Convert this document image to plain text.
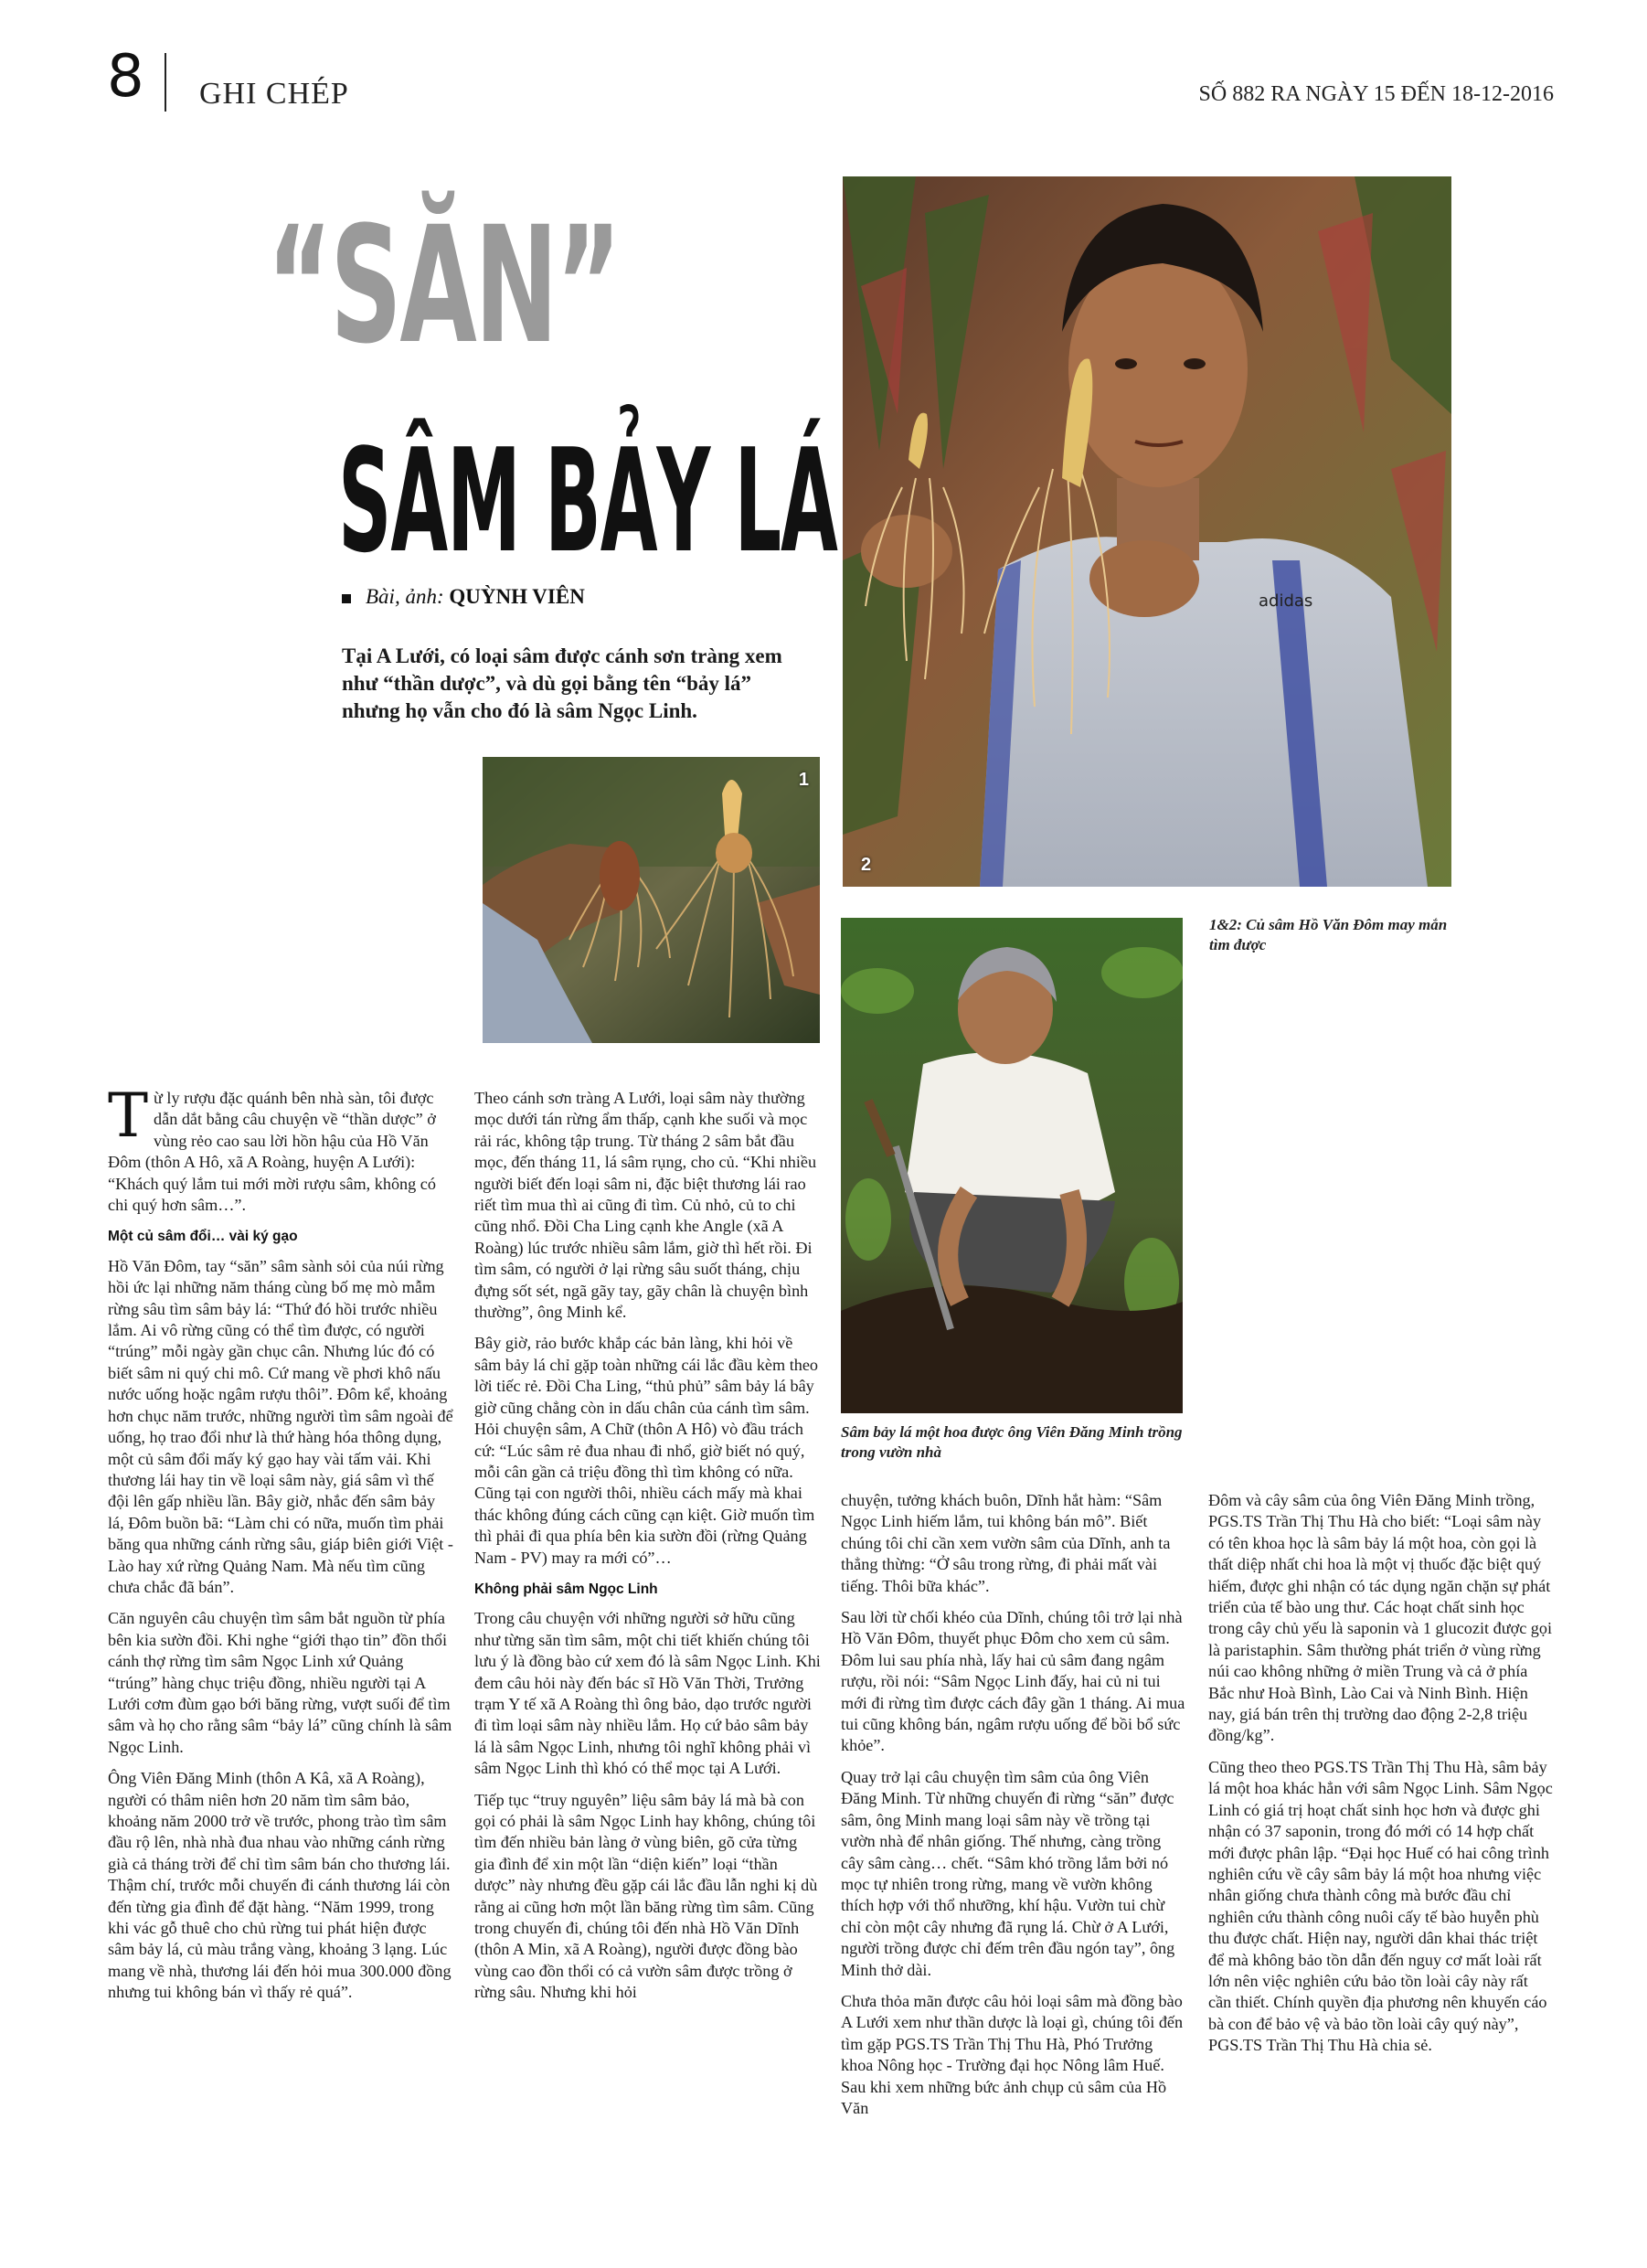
8 GHI CHÉP	SỐ 882 RA NGÀY 15 ĐẾN 18-12-2016
“SĂN”
SÂM BẢY LÁ
Bài, ảnh: QUỲNH VIÊN
Tại A Lưới, có loại sâm được cánh sơn tràng xem như “thần dược”, và dù gọi bằng tên “bảy lá” nhưng họ vẫn cho đó là sâm Ngọc Linh.
1
adidas
2
1&2: Củ sâm Hồ Văn Đôm may mắn tìm được
Sâm bảy lá một hoa được ông Viên Đăng Minh trồng trong vườn nhà

Từ ly rượu đặc quánh bên nhà sàn, tôi được dẫn dắt bằng câu chuyện về “thần dược” ở vùng rẻo cao sau lời hồn hậu của Hồ Văn Đôm (thôn A Hô, xã A Roàng, huyện A Lưới): “Khách quý lắm tui mới mời rượu sâm, không có chi quý hơn sâm…”.

Một củ sâm đổi… vài ký gạo

Hồ Văn Đôm, tay “săn” sâm sành sỏi của núi rừng hồi ức lại những năm tháng cùng bố mẹ mò mẫm rừng sâu tìm sâm bảy lá: “Thứ đó hồi trước nhiều lắm. Ai vô rừng cũng có thể tìm được, có người “trúng” mỗi ngày gần chục cân. Nhưng lúc đó có biết sâm ni quý chi mô. Cứ mang về phơi khô nấu nước uống hoặc ngâm rượu thôi”. Đôm kể, khoảng hơn chục năm trước, những người tìm sâm ngoài để uống, họ trao đổi như là thứ hàng hóa thông dụng, một củ sâm đổi mấy ký gạo hay vài tấm vải. Khi thương lái hay tin về loại sâm này, giá sâm vì thế đội lên gấp nhiều lần. Bây giờ, nhắc đến sâm bảy lá, Đôm buồn bã: “Làm chi có nữa, muốn tìm phải băng qua những cánh rừng sâu, giáp biên giới Việt - Lào hay xứ rừng Quảng Nam. Mà nếu tìm cũng chưa chắc đã bán”.

Căn nguyên câu chuyện tìm sâm bắt nguồn từ phía bên kia sườn đồi. Khi nghe “giới thạo tin” đồn thổi cánh thợ rừng tìm sâm Ngọc Linh xứ Quảng “trúng” hàng chục triệu đồng, nhiều người tại A Lưới cơm đùm gạo bới băng rừng, vượt suối để tìm sâm và họ cho rằng sâm “bảy lá” cũng chính là sâm Ngọc Linh.

Ông Viên Đăng Minh (thôn A Kâ, xã A Roàng), người có thâm niên hơn 20 năm tìm sâm bảo, khoảng năm 2000 trở về trước, phong trào tìm sâm đầu rộ lên, nhà nhà đua nhau vào những cánh rừng già cả tháng trời để chỉ tìm sâm bán cho thương lái. Thậm chí, trước mỗi chuyến đi cánh thương lái còn đến từng gia đình để đặt hàng. “Năm 1999, trong khi vác gỗ thuê cho chủ rừng tui phát hiện được sâm bảy lá, củ màu trắng vàng, khoảng 3 lạng. Lúc mang về nhà, thương lái đến hỏi mua 300.000 đồng nhưng tui không bán vì thấy rẻ quá”.

Theo cánh sơn tràng A Lưới, loại sâm này thường mọc dưới tán rừng ẩm thấp, cạnh khe suối và mọc rải rác, không tập trung. Từ tháng 2 sâm bắt đầu mọc, đến tháng 11, lá sâm rụng, cho củ. “Khi nhiều người biết đến loại sâm ni, đặc biệt thương lái rao riết tìm mua thì ai cũng đi tìm. Củ nhỏ, củ to chi cũng nhổ. Đồi Cha Ling cạnh khe Angle (xã A Roàng) lúc trước nhiều sâm lắm, giờ thì hết rồi. Đi tìm sâm, có người ở lại rừng sâu suốt tháng, chịu đựng sốt sét, ngã gãy tay, gãy chân là chuyện bình thường”, ông Minh kể.

Bây giờ, rảo bước khắp các bản làng, khi hỏi về sâm bảy lá chỉ gặp toàn những cái lắc đầu kèm theo lời tiếc rẻ. Đồi Cha Ling, “thủ phủ” sâm bảy lá bây giờ cũng chẳng còn in dấu chân của cánh tìm sâm. Hỏi chuyện sâm, A Chữ (thôn A Hô) vò đầu trách cứ: “Lúc sâm rẻ đua nhau đi nhổ, giờ biết nó quý, mỗi cân gần cả triệu đồng thì tìm không có nữa. Cũng tại con người thôi, nhiều cách mấy mà khai thác không đúng cách cũng cạn kiệt. Giờ muốn tìm thì phải đi qua phía bên kia sườn đồi (rừng Quảng Nam - PV) may ra mới có”…

Không phải sâm Ngọc Linh

Trong câu chuyện với những người sở hữu cũng như từng săn tìm sâm, một chi tiết khiến chúng tôi lưu ý là đồng bào cứ xem đó là sâm Ngọc Linh. Khi đem câu hỏi này đến bác sĩ Hồ Văn Thời, Trưởng trạm Y tế xã A Roàng thì ông bảo, dạo trước người đi tìm loại sâm này nhiều lắm. Họ cứ bảo sâm bảy lá là sâm Ngọc Linh, nhưng tôi nghĩ không phải vì sâm Ngọc Linh thì khó có thể mọc tại A Lưới.

Tiếp tục “truy nguyên” liệu sâm bảy lá mà bà con gọi có phải là sâm Ngọc Linh hay không, chúng tôi tìm đến nhiều bản làng ở vùng biên, gõ cửa từng gia đình để xin một lần “diện kiến” loại “thần dược” này nhưng đều gặp cái lắc đầu lẫn nghi kị dù rằng ai cũng hơn một lần băng rừng tìm sâm. Cũng trong chuyến đi, chúng tôi đến nhà Hồ Văn Dĩnh (thôn A Min, xã A Roàng), người được đồng bào vùng cao đồn thổi có cả vườn sâm được trồng ở rừng sâu. Nhưng khi hỏi

chuyện, tưởng khách buôn, Dĩnh hắt hàm: “Sâm Ngọc Linh hiếm lắm, tui không bán mô”. Biết chúng tôi chỉ cần xem vườn sâm của Dĩnh, anh ta thẳng thừng: “Ở sâu trong rừng, đi phải mất vài tiếng. Thôi bữa khác”.

Sau lời từ chối khéo của Dĩnh, chúng tôi trở lại nhà Hồ Văn Đôm, thuyết phục Đôm cho xem củ sâm. Đôm lui sau phía nhà, lấy hai củ sâm đang ngâm rượu, rồi nói: “Sâm Ngọc Linh đấy, hai củ ni tui mới đi rừng tìm được cách đây gần 1 tháng. Ai mua tui cũng không bán, ngâm rượu uống để bồi bổ sức khỏe”.

Quay trở lại câu chuyện tìm sâm của ông Viên Đăng Minh. Từ những chuyến đi rừng “săn” được sâm, ông Minh mang loại sâm này về trồng tại vườn nhà để nhân giống. Thế nhưng, càng trồng cây sâm càng… chết. “Sâm khó trồng lắm bởi nó mọc tự nhiên trong rừng, mang về vườn không thích hợp với thổ nhưỡng, khí hậu. Vườn tui chừ chỉ còn một cây nhưng đã rụng lá. Chừ ở A Lưới, người trồng được chỉ đếm trên đầu ngón tay”, ông Minh thở dài.

Chưa thỏa mãn được câu hỏi loại sâm mà đồng bào A Lưới xem như thần dược là loại gì, chúng tôi đến tìm gặp PGS.TS Trần Thị Thu Hà, Phó Trưởng khoa Nông học - Trường đại học Nông lâm Huế. Sau khi xem những bức ảnh chụp củ sâm của Hồ Văn

Đôm và cây sâm của ông Viên Đăng Minh trồng, PGS.TS Trần Thị Thu Hà cho biết: “Loại sâm này có tên khoa học là sâm bảy lá một hoa, còn gọi là thất diệp nhất chi hoa là một vị thuốc đặc biệt quý hiếm, được ghi nhận có tác dụng ngăn chặn sự phát triển của tế bào ung thư. Các hoạt chất sinh học trong cây chủ yếu là saponin và 1 glucozit được gọi là paristaphin. Sâm thường phát triển ở vùng rừng núi cao không những ở miền Trung và cả ở phía Bắc như Hoà Bình, Lào Cai và Ninh Bình. Hiện nay, giá bán trên thị trường dao động 2-2,8 triệu đồng/kg”.

Cũng theo theo PGS.TS Trần Thị Thu Hà, sâm bảy lá một hoa khác hẳn với sâm Ngọc Linh. Sâm Ngọc Linh có giá trị hoạt chất sinh học hơn và được ghi nhận có 37 saponin, trong đó mới có 14 hợp chất mới được phân lập. “Đại học Huế có hai công trình nghiên cứu về cây sâm bảy lá một hoa nhưng việc nhân giống chưa thành công mà bước đầu chỉ nghiên cứu thành công nuôi cấy tế bào huyễn phù thu được chất. Hiện nay, người dân khai thác triệt để mà không bảo tồn dẫn đến nguy cơ mất loài rất lớn nên việc nghiên cứu bảo tồn loài cây này rất cần thiết. Chính quyền địa phương nên khuyến cáo bà con để bảo vệ và bảo tồn loài cây quý này”, PGS.TS Trần Thị Thu Hà chia sẻ.
